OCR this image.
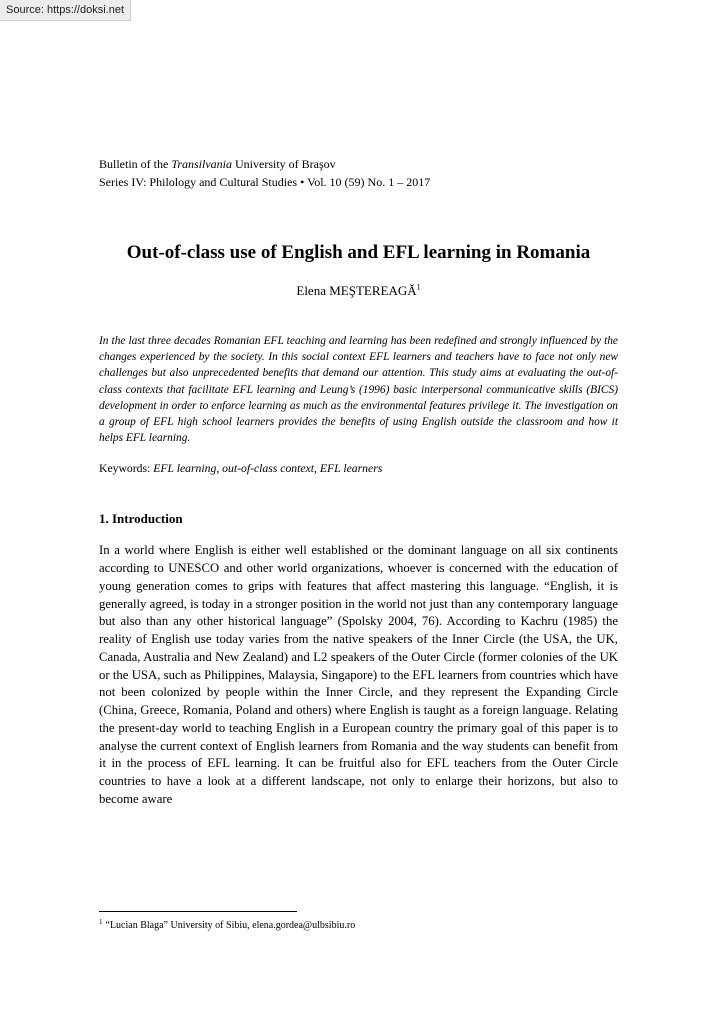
Source: https://doksi.net
Bulletin of the Transilvania University of Braşov
Series IV: Philology and Cultural Studies • Vol. 10 (59) No. 1 – 2017
Out-of-class use of English and EFL learning in Romania
Elena MEŞTEREAGĂ$^1$
In the last three decades Romanian EFL teaching and learning has been redefined and strongly influenced by the changes experienced by the society. In this social context EFL learners and teachers have to face not only new challenges but also unprecedented benefits that demand our attention. This study aims at evaluating the out-of-class contexts that facilitate EFL learning and Leung’s (1996) basic interpersonal communicative skills (BICS) development in order to enforce learning as much as the environmental features privilege it. The investigation on a group of EFL high school learners provides the benefits of using English outside the classroom and how it helps EFL learning.
Keywords: EFL learning, out-of-class context, EFL learners
1. Introduction
In a world where English is either well established or the dominant language on all six continents according to UNESCO and other world organizations, whoever is concerned with the education of young generation comes to grips with features that affect mastering this language. “English, it is generally agreed, is today in a stronger position in the world not just than any contemporary language but also than any other historical language” (Spolsky 2004, 76). According to Kachru (1985) the reality of English use today varies from the native speakers of the Inner Circle (the USA, the UK, Canada, Australia and New Zealand) and L2 speakers of the Outer Circle (former colonies of the UK or the USA, such as Philippines, Malaysia, Singapore) to the EFL learners from countries which have not been colonized by people within the Inner Circle, and they represent the Expanding Circle (China, Greece, Romania, Poland and others) where English is taught as a foreign language. Relating the present-day world to teaching English in a European country the primary goal of this paper is to analyse the current context of English learners from Romania and the way students can benefit from it in the process of EFL learning. It can be fruitful also for EFL teachers from the Outer Circle countries to have a look at a different landscape, not only to enlarge their horizons, but also to become aware
$^1$ “Lucian Blaga” University of Sibiu, elena.gordea@ulbsibiu.ro
